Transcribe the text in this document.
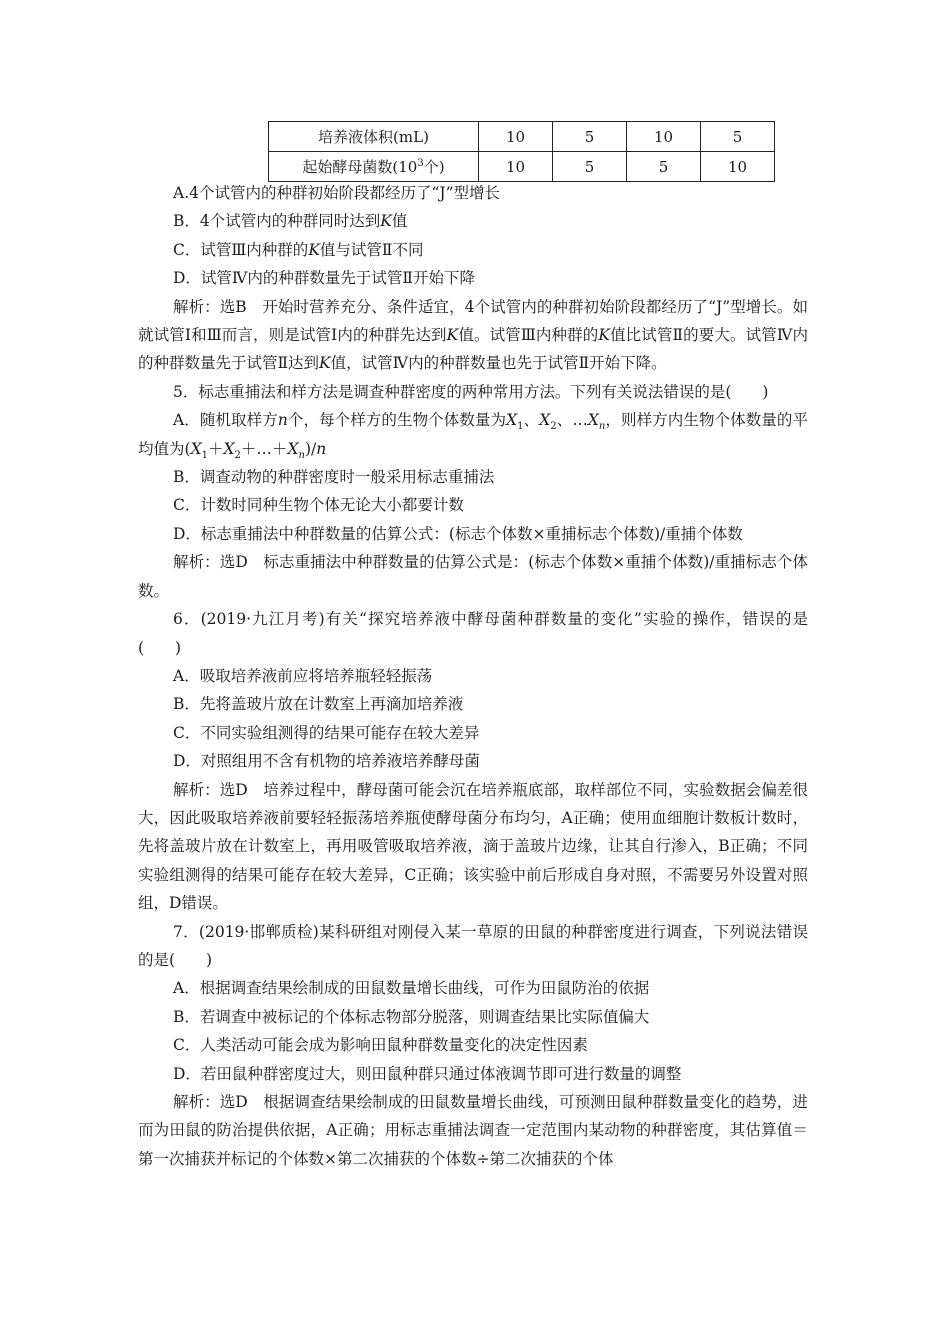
培养液体积(mL)	10	5	10	5
起始酵母菌数($10^3$个)	10	5	5	10

A.4个试管内的种群初始阶段都经历了“J”型增长

B．4个试管内的种群同时达到K值

C．试管Ⅲ内种群的K值与试管Ⅱ不同

D．试管Ⅳ内的种群数量先于试管Ⅱ开始下降

解析：选B　开始时营养充分、条件适宜，4个试管内的种群初始阶段都经历了“J”型增长。如就试管Ⅰ和Ⅲ而言，则是试管Ⅰ内的种群先达到K值。试管Ⅲ内种群的K值比试管Ⅱ的要大。试管Ⅳ内的种群数量先于试管Ⅱ达到K值，试管Ⅳ内的种群数量也先于试管Ⅱ开始下降。

5．标志重捕法和样方法是调查种群密度的两种常用方法。下列有关说法错误的是(　　)

A．随机取样方n个，每个样方的生物个体数量为$X_1$、$X_2$、$\dots X_n$，则样方内生物个体数量的平均值为$(X_1+X_2+\dots+X_n)/n$

B．调查动物的种群密度时一般采用标志重捕法

C．计数时同种生物个体无论大小都要计数

D．标志重捕法中种群数量的估算公式：(标志个体数×重捕标志个体数)/重捕个体数

解析：选D　标志重捕法中种群数量的估算公式是：(标志个体数×重捕个体数)/重捕标志个体数。

6．(2019·九江月考)有关“探究培养液中酵母菌种群数量的变化”实验的操作，错误的是(　　)

A．吸取培养液前应将培养瓶轻轻振荡

B．先将盖玻片放在计数室上再滴加培养液

C．不同实验组测得的结果可能存在较大差异

D．对照组用不含有机物的培养液培养酵母菌

解析：选D　培养过程中，酵母菌可能会沉在培养瓶底部，取样部位不同，实验数据会偏差很大，因此吸取培养液前要轻轻振荡培养瓶使酵母菌分布均匀，A正确；使用血细胞计数板计数时，先将盖玻片放在计数室上，再用吸管吸取培养液，滴于盖玻片边缘，让其自行渗入，B正确；不同实验组测得的结果可能存在较大差异，C正确；该实验中前后形成自身对照，不需要另外设置对照组，D错误。

7．(2019·邯郸质检)某科研组对刚侵入某一草原的田鼠的种群密度进行调查，下列说法错误的是(　　)

A．根据调查结果绘制成的田鼠数量增长曲线，可作为田鼠防治的依据

B．若调查中被标记的个体标志物部分脱落，则调查结果比实际值偏大

C．人类活动可能会成为影响田鼠种群数量变化的决定性因素

D．若田鼠种群密度过大，则田鼠种群只通过体液调节即可进行数量的调整

解析：选D　根据调查结果绘制成的田鼠数量增长曲线，可预测田鼠种群数量变化的趋势，进而为田鼠的防治提供依据，A正确；用标志重捕法调查一定范围内某动物的种群密度，其估算值＝第一次捕获并标记的个体数×第二次捕获的个体数÷第二次捕获的个体
